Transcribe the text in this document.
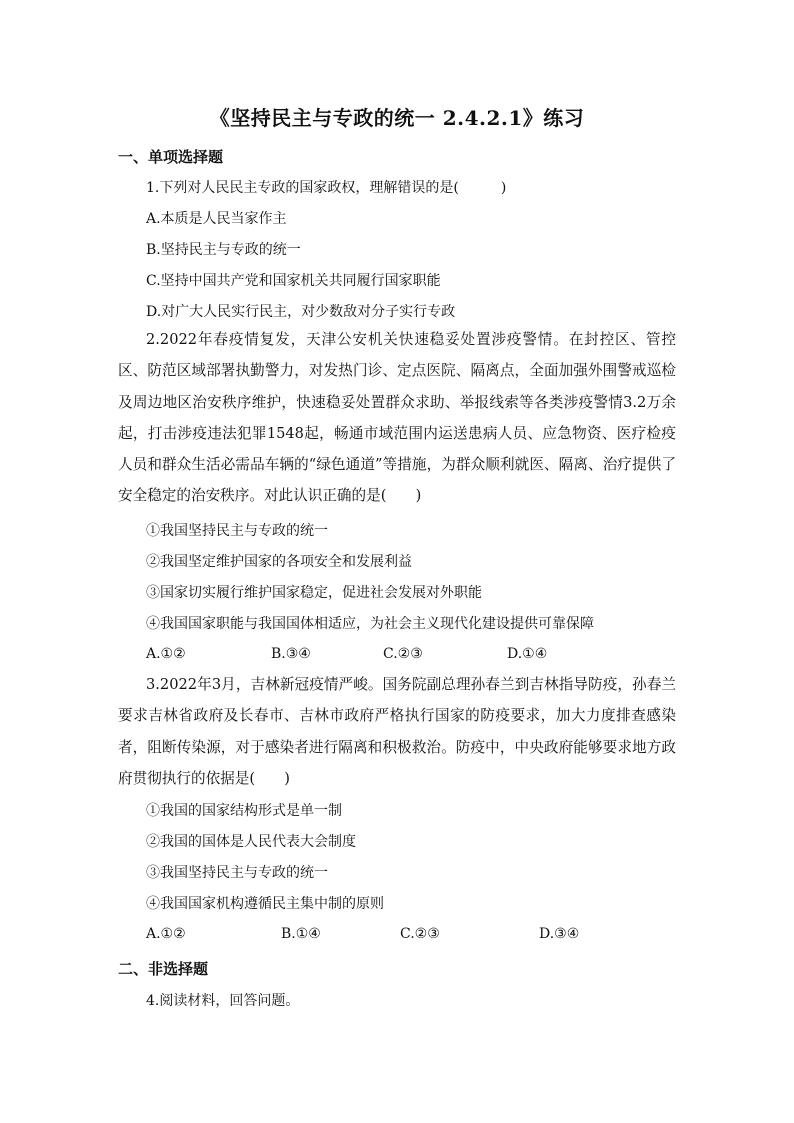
《坚持民主与专政的统一 2.4.2.1》练习
一、单项选择题
1.下列对人民民主专政的国家政权，理解错误的是(　　　)
A.本质是人民当家作主
B.坚持民主与专政的统一
C.坚持中国共产党和国家机关共同履行国家职能
D.对广大人民实行民主，对少数敌对分子实行专政
2.2022年春疫情复发，天津公安机关快速稳妥处置涉疫警情。在封控区、管控区、防范区域部署执勤警力，对发热门诊、定点医院、隔离点，全面加强外围警戒巡检及周边地区治安秩序维护，快速稳妥处置群众求助、举报线索等各类涉疫警情3.2万余起，打击涉疫违法犯罪1548起，畅通市域范围内运送患病人员、应急物资、医疗检疫人员和群众生活必需品车辆的“绿色通道”等措施，为群众顺利就医、隔离、治疗提供了安全稳定的治安秩序。对此认识正确的是(　　)
①我国坚持民主与专政的统一
②我国坚定维护国家的各项安全和发展利益
③国家切实履行维护国家稳定，促进社会发展对外职能
④我国国家职能与我国国体相适应，为社会主义现代化建设提供可靠保障
A.①②	B.③④	C.②③	D.①④
3.2022年3月，吉林新冠疫情严峻。国务院副总理孙春兰到吉林指导防疫，孙春兰要求吉林省政府及长春市、吉林市政府严格执行国家的防疫要求，加大力度排查感染者，阻断传染源，对于感染者进行隔离和积极救治。防疫中，中央政府能够要求地方政府贯彻执行的依据是(　　)
①我国的国家结构形式是单一制
②我国的国体是人民代表大会制度
③我国坚持民主与专政的统一
④我国国家机构遵循民主集中制的原则
A.①②	B.①④	C.②③	D.③④
二、非选择题
4.阅读材料，回答问题。
